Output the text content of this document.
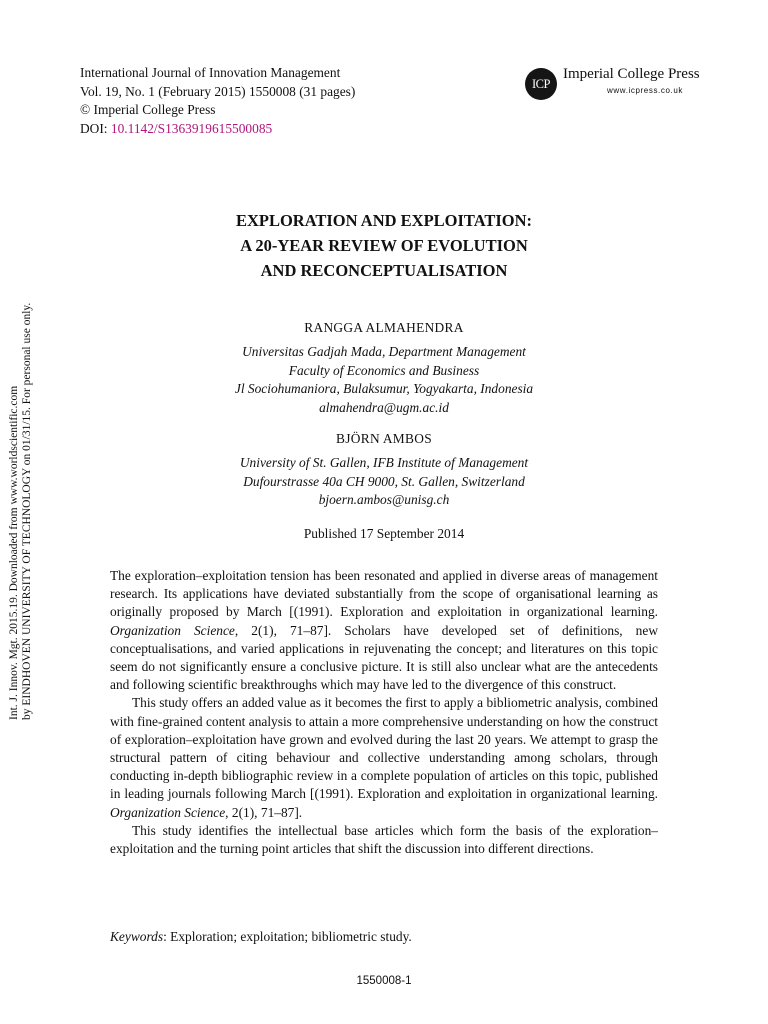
International Journal of Innovation Management
Vol. 19, No. 1 (February 2015) 1550008 (31 pages)
© Imperial College Press
DOI: 10.1142/S1363919615500085
ICP
Imperial College Press
www.icpress.co.uk
EXPLORATION AND EXPLOITATION:
A 20-YEAR REVIEW OF EVOLUTION
AND RECONCEPTUALISATION
RANGGA ALMAHENDRA
Universitas Gadjah Mada, Department Management
Faculty of Economics and Business
Jl Sociohumaniora, Bulaksumur, Yogyakarta, Indonesia
almahendra@ugm.ac.id
BJÖRN AMBOS
University of St. Gallen, IFB Institute of Management
Dufourstrasse 40a CH 9000, St. Gallen, Switzerland
bjoern.ambos@unisg.ch
Published 17 September 2014

The exploration–exploitation tension has been resonated and applied in diverse areas of management research. Its applications have deviated substantially from the scope of organisational learning as originally proposed by March [(1991). Exploration and exploitation in organizational learning. Organization Science, 2(1), 71–87]. Scholars have developed set of definitions, new conceptualisations, and varied applications in rejuvenating the concept; and literatures on this topic seem do not significantly ensure a conclusive picture. It is still also unclear what are the antecedents and following scientific breakthroughs which may have led to the divergence of this construct.

This study offers an added value as it becomes the first to apply a bibliometric analysis, combined with fine-grained content analysis to attain a more comprehensive understanding on how the construct of exploration–exploitation have grown and evolved during the last 20 years. We attempt to grasp the structural pattern of citing behaviour and collective understanding among scholars, through conducting in-depth bibliographic review in a complete population of articles on this topic, published in leading journals following March [(1991). Exploration and exploitation in organizational learning. Organization Science, 2(1), 71–87].

This study identifies the intellectual base articles which form the basis of the exploration–exploitation and the turning point articles that shift the discussion into different directions.

Keywords: Exploration; exploitation; bibliometric study.
1550008-1
Int. J. Innov. Mgt. 2015.19. Downloaded from www.worldscientific.com by EINDHOVEN UNIVERSITY OF TECHNOLOGY on 01/31/15. For personal use only.
